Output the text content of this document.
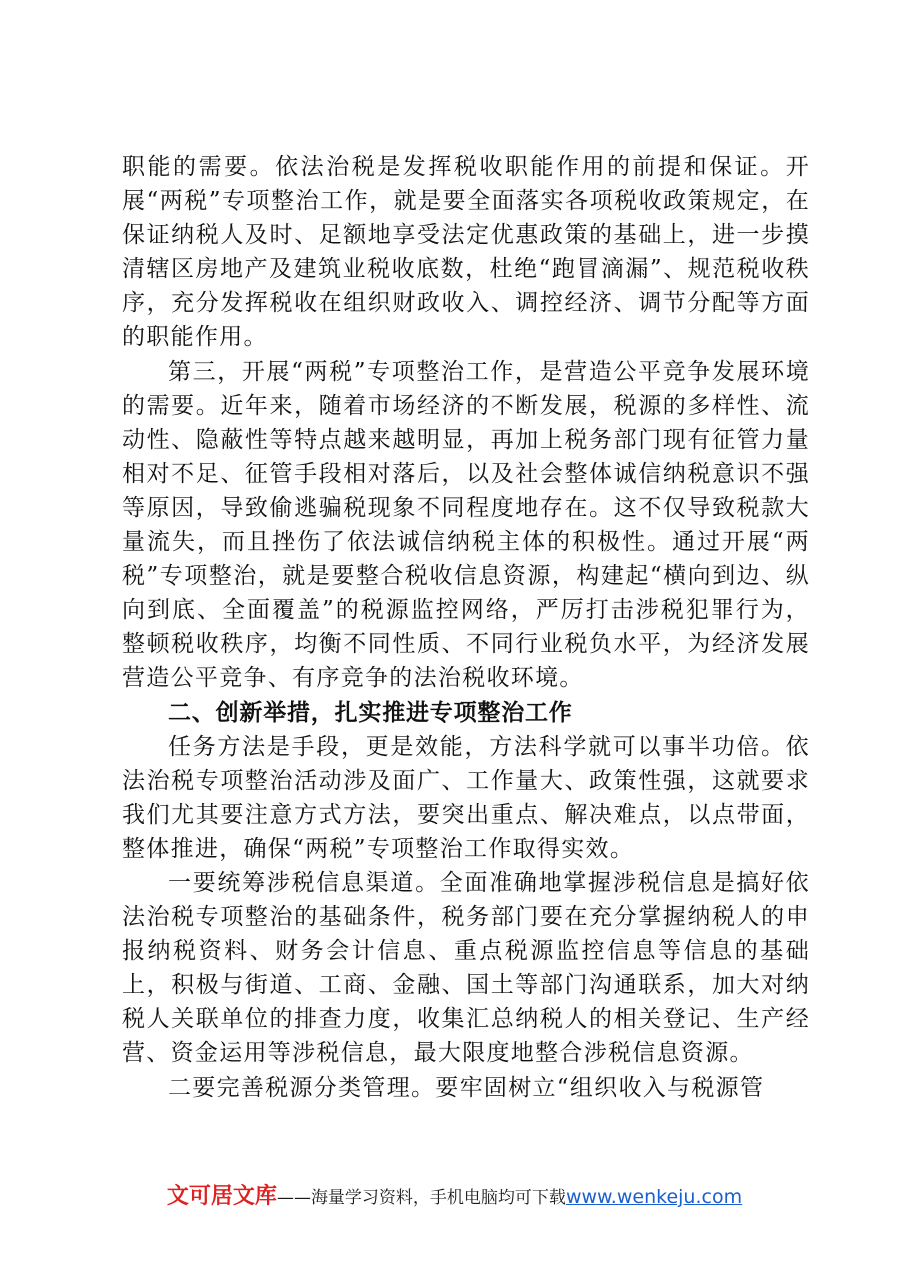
职能的需要。依法治税是发挥税收职能作用的前提和保证。开展“两税”专项整治工作，就是要全面落实各项税收政策规定，在保证纳税人及时、足额地享受法定优惠政策的基础上，进一步摸清辖区房地产及建筑业税收底数，杜绝“跑冒滴漏”、规范税收秩序，充分发挥税收在组织财政收入、调控经济、调节分配等方面的职能作用。

第三，开展“两税”专项整治工作，是营造公平竞争发展环境的需要。近年来，随着市场经济的不断发展，税源的多样性、流动性、隐蔽性等特点越来越明显，再加上税务部门现有征管力量相对不足、征管手段相对落后，以及社会整体诚信纳税意识不强等原因，导致偷逃骗税现象不同程度地存在。这不仅导致税款大量流失，而且挫伤了依法诚信纳税主体的积极性。通过开展“两税”专项整治，就是要整合税收信息资源，构建起“横向到边、纵向到底、全面覆盖”的税源监控网络，严厉打击涉税犯罪行为，整顿税收秩序，均衡不同性质、不同行业税负水平，为经济发展营造公平竞争、有序竞争的法治税收环境。

二、创新举措，扎实推进专项整治工作

任务方法是手段，更是效能，方法科学就可以事半功倍。依法治税专项整治活动涉及面广、工作量大、政策性强，这就要求我们尤其要注意方式方法，要突出重点、解决难点，以点带面，整体推进，确保“两税”专项整治工作取得实效。

一要统筹涉税信息渠道。全面准确地掌握涉税信息是搞好依法治税专项整治的基础条件，税务部门要在充分掌握纳税人的申报纳税资料、财务会计信息、重点税源监控信息等信息的基础上，积极与街道、工商、金融、国土等部门沟通联系，加大对纳税人关联单位的排查力度，收集汇总纳税人的相关登记、生产经营、资金运用等涉税信息，最大限度地整合涉税信息资源。

二要完善税源分类管理。要牢固树立“组织收入与税源管

文可居文库——海量学习资料，手机电脑均可下载www.wenkeju.com
